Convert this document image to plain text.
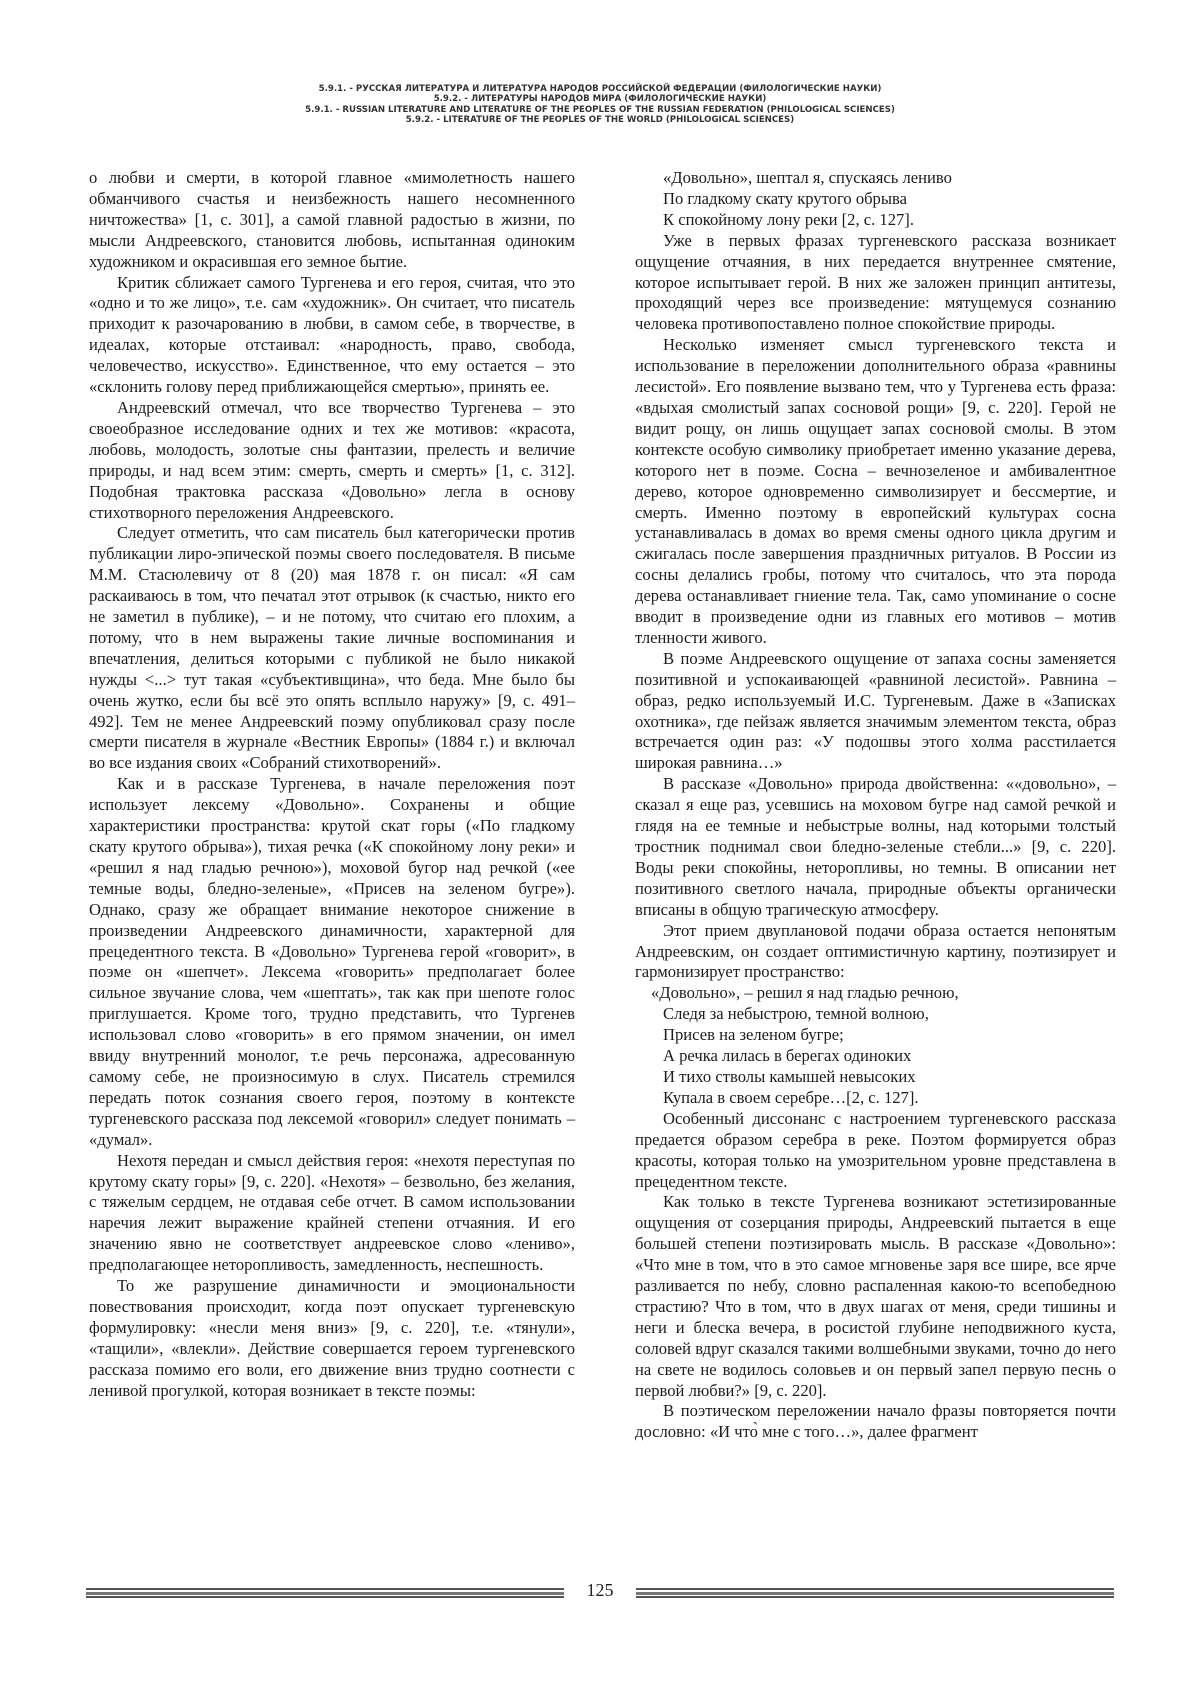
5.9.1. - РУССКАЯ ЛИТЕРАТУРА И ЛИТЕРАТУРА НАРОДОВ РОССИЙСКОЙ ФЕДЕРАЦИИ (ФИЛОЛОГИЧЕСКИЕ НАУКИ)
5.9.2. - ЛИТЕРАТУРЫ НАРОДОВ МИРА (ФИЛОЛОГИЧЕСКИЕ НАУКИ)
5.9.1. - RUSSIAN LITERATURE AND LITERATURE OF THE PEOPLES OF THE RUSSIAN FEDERATION (PHILOLOGICAL SCIENCES)
5.9.2. - LITERATURE OF THE PEOPLES OF THE WORLD (PHILOLOGICAL SCIENCES)

о любви и смерти, в которой главное «мимолетность нашего обманчивого счастья и неизбежность нашего несомненного ничтожества» [1, с. 301], а самой главной радостью в жизни, по мысли Андреевского, становится любовь, испытанная одиноким художником и окрасившая его земное бытие.

Критик сближает самого Тургенева и его героя, считая, что это «одно и то же лицо», т.е. сам «художник». Он считает, что писатель приходит к разочарованию в любви, в самом себе, в творчестве, в идеалах, которые отстаивал: «народность, право, свобода, человечество, искусство». Единственное, что ему остается – это «склонить голову перед приближающейся смертью», принять ее.

Андреевский отмечал, что все творчество Тургенева – это своеобразное исследование одних и тех же мотивов: «красота, любовь, молодость, золотые сны фантазии, прелесть и величие природы, и над всем этим: смерть, смерть и смерть» [1, с. 312]. Подобная трактовка рассказа «Довольно» легла в основу стихотворного переложения Андреевского.

Следует отметить, что сам писатель был категорически против публикации лиро-эпической поэмы своего последователя. В письме М.М. Стасюлевичу от 8 (20) мая 1878 г. он писал: «Я сам раскаиваюсь в том, что печатал этот отрывок (к счастью, никто его не заметил в публике), – и не потому, что считаю его плохим, а потому, что в нем выражены такие личные воспоминания и впечатления, делиться которыми с публикой не было никакой нужды <...> тут такая «субъективщина», что беда. Мне было бы очень жутко, если бы всё это опять всплыло наружу» [9, с. 491–492]. Тем не менее Андреевский поэму опубликовал сразу после смерти писателя в журнале «Вестник Европы» (1884 г.) и включал во все издания своих «Собраний стихотворений».

Как и в рассказе Тургенева, в начале переложения поэт использует лексему «Довольно». Сохранены и общие характеристики пространства: крутой скат горы («По гладкому скату крутого обрыва»), тихая речка («К спокойному лону реки» и «решил я над гладью речною»), моховой бугор над речкой («ее темные воды, бледно-зеленые», «Присев на зеленом бугре»). Однако, сразу же обращает внимание некоторое снижение в произведении Андреевского динамичности, характерной для прецедентного текста. В «Довольно» Тургенева герой «говорит», в поэме он «шепчет». Лексема «говорить» предполагает более сильное звучание слова, чем «шептать», так как при шепоте голос приглушается. Кроме того, трудно представить, что Тургенев использовал слово «говорить» в его прямом значении, он имел ввиду внутренний монолог, т.е речь персонажа, адресованную самому себе, не произносимую в слух. Писатель стремился передать поток сознания своего героя, поэтому в контексте тургеневского рассказа под лексемой «говорил» следует понимать – «думал».

Нехотя передан и смысл действия героя: «нехотя переступая по крутому скату горы» [9, с. 220]. «Нехотя» – безвольно, без желания, с тяжелым сердцем, не отдавая себе отчет. В самом использовании наречия лежит выражение крайней степени отчаяния. И его значению явно не соответствует андреевское слово «лениво», предполагающее неторопливость, замедленность, неспешность.

То же разрушение динамичности и эмоциональности повествования происходит, когда поэт опускает тургеневскую формулировку: «несли меня вниз» [9, с. 220], т.е. «тянули», «тащили», «влекли». Действие совершается героем тургеневского рассказа помимо его воли, его движение вниз трудно соотнести с ленивой прогулкой, которая возникает в тексте поэмы:

«Довольно», шептал я, спускаясь лениво
По гладкому скату крутого обрыва
К спокойному лону реки [2, с. 127].

Уже в первых фразах тургеневского рассказа возникает ощущение отчаяния, в них передается внутреннее смятение, которое испытывает герой. В них же заложен принцип антитезы, проходящий через все произведение: мятущемуся сознанию человека противопоставлено полное спокойствие природы.

Несколько изменяет смысл тургеневского текста и использование в переложении дополнительного образа «равнины лесистой». Его появление вызвано тем, что у Тургенева есть фраза: «вдыхая смолистый запах сосновой рощи» [9, с. 220]. Герой не видит рощу, он лишь ощущает запах сосновой смолы. В этом контексте особую символику приобретает именно указание дерева, которого нет в поэме. Сосна – вечнозеленое и амбивалентное дерево, которое одновременно символизирует и бессмертие, и смерть. Именно поэтому в европейский культурах сосна устанавливалась в домах во время смены одного цикла другим и сжигалась после завершения праздничных ритуалов. В России из сосны делались гробы, потому что считалось, что эта порода дерева останавливает гниение тела. Так, само упоминание о сосне вводит в произведение одни из главных его мотивов – мотив тленности живого.

В поэме Андреевского ощущение от запаха сосны заменяется позитивной и успокаивающей «равниной лесистой». Равнина – образ, редко используемый И.С. Тургеневым. Даже в «Записках охотника», где пейзаж является значимым элементом текста, образ встречается один раз: «У подошвы этого холма расстилается широкая равнина…»

В рассказе «Довольно» природа двойственна: ««довольно», – сказал я еще раз, усевшись на моховом бугре над самой речкой и глядя на ее темные и небыстрые волны, над которыми толстый тростник поднимал свои бледно-зеленые стебли...» [9, с. 220]. Воды реки спокойны, неторопливы, но темны. В описании нет позитивного светлого начала, природные объекты органически вписаны в общую трагическую атмосферу.

Этот прием двуплановой подачи образа остается непонятым Андреевским, он создает оптимистичную картину, поэтизирует и гармонизирует пространство:

«Довольно», – решил я над гладью речною,
Следя за небыстрою, темной волною,
Присев на зеленом бугре;
А речка лилась в берегах одиноких
И тихо стволы камышей невысоких
Купала в своем серебре…[2, с. 127].

Особенный диссонанс с настроением тургеневского рассказа предается образом серебра в реке. Поэтом формируется образ красоты, которая только на умозрительном уровне представлена в прецедентном тексте.

Как только в тексте Тургенева возникают эстетизированные ощущения от созерцания природы, Андреевский пытается в еще большей степени поэтизировать мысль. В рассказе «Довольно»: «Что мне в том, что в это самое мгновенье заря все шире, все ярче разливается по небу, словно распаленная какою-то всепобедною страстию? Что в том, что в двух шагах от меня, среди тишины и неги и блеска вечера, в росистой глубине неподвижного куста, соловей вдруг сказался такими волшебными звуками, точно до него на свете не водилось соловьев и он первый запел первую песнь о первой любви?» [9, с. 220].

В поэтическом переложении начало фразы повторяется почти дословно: «И что̀ мне с того…», далее фрагмент

125
